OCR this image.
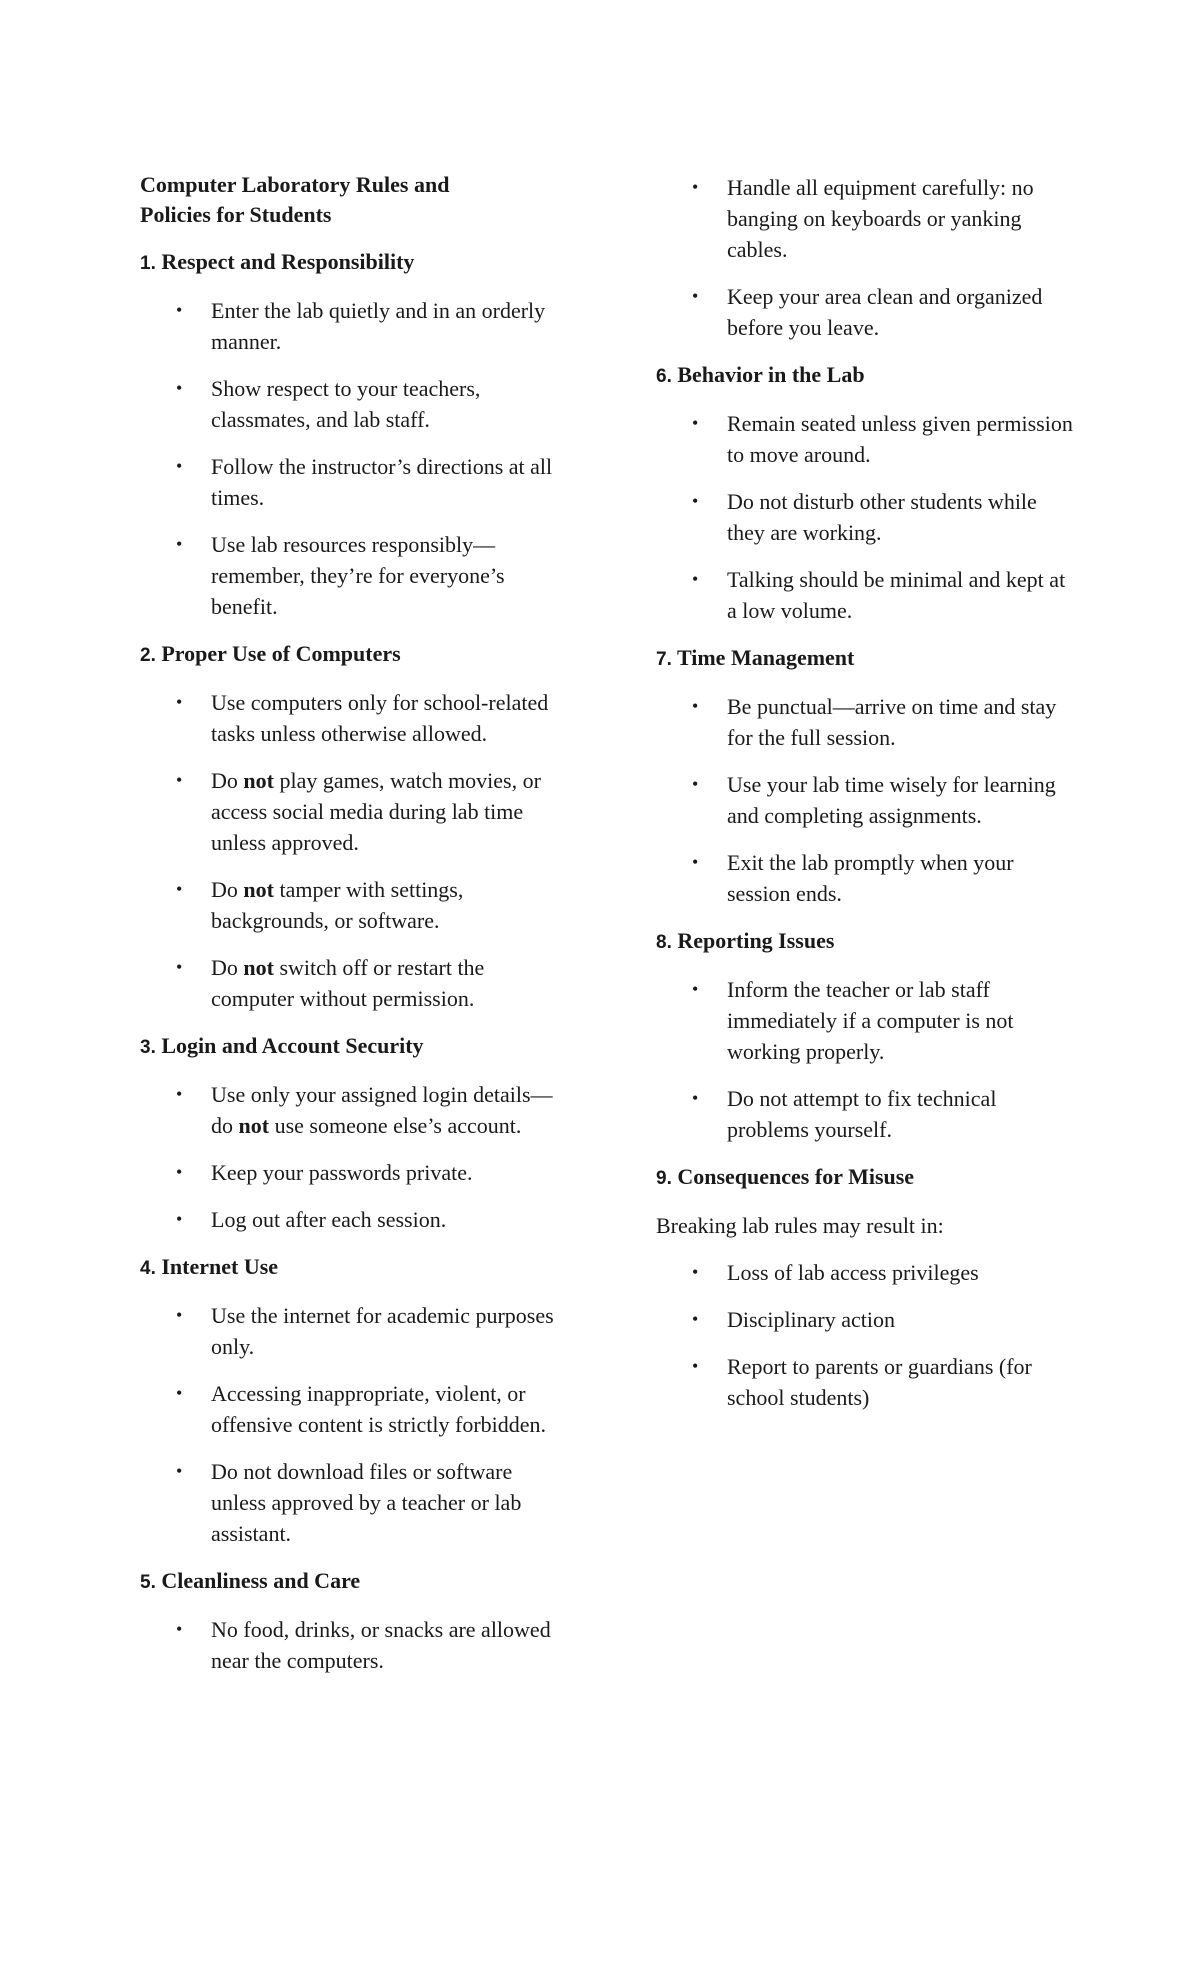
Computer Laboratory Rules and
Policies for Students
1. Respect and Responsibility
• Enter the lab quietly and in an orderly manner.
• Show respect to your teachers, classmates, and lab staff.
• Follow the instructor’s directions at all times.
• Use lab resources responsibly—remember, they’re for everyone’s benefit.
2. Proper Use of Computers
• Use computers only for school-related tasks unless otherwise allowed.
• Do not play games, watch movies, or access social media during lab time unless approved.
• Do not tamper with settings, backgrounds, or software.
• Do not switch off or restart the computer without permission.
3. Login and Account Security
• Use only your assigned login details—do not use someone else’s account.
• Keep your passwords private.
• Log out after each session.
4. Internet Use
• Use the internet for academic purposes only.
• Accessing inappropriate, violent, or offensive content is strictly forbidden.
• Do not download files or software unless approved by a teacher or lab assistant.
5. Cleanliness and Care
• No food, drinks, or snacks are allowed near the computers.
• Handle all equipment carefully: no banging on keyboards or yanking cables.
• Keep your area clean and organized before you leave.
6. Behavior in the Lab
• Remain seated unless given permission to move around.
• Do not disturb other students while they are working.
• Talking should be minimal and kept at a low volume.
7. Time Management
• Be punctual—arrive on time and stay for the full session.
• Use your lab time wisely for learning and completing assignments.
• Exit the lab promptly when your session ends.
8. Reporting Issues
• Inform the teacher or lab staff immediately if a computer is not working properly.
• Do not attempt to fix technical problems yourself.
9. Consequences for Misuse
Breaking lab rules may result in:
• Loss of lab access privileges
• Disciplinary action
• Report to parents or guardians (for school students)
